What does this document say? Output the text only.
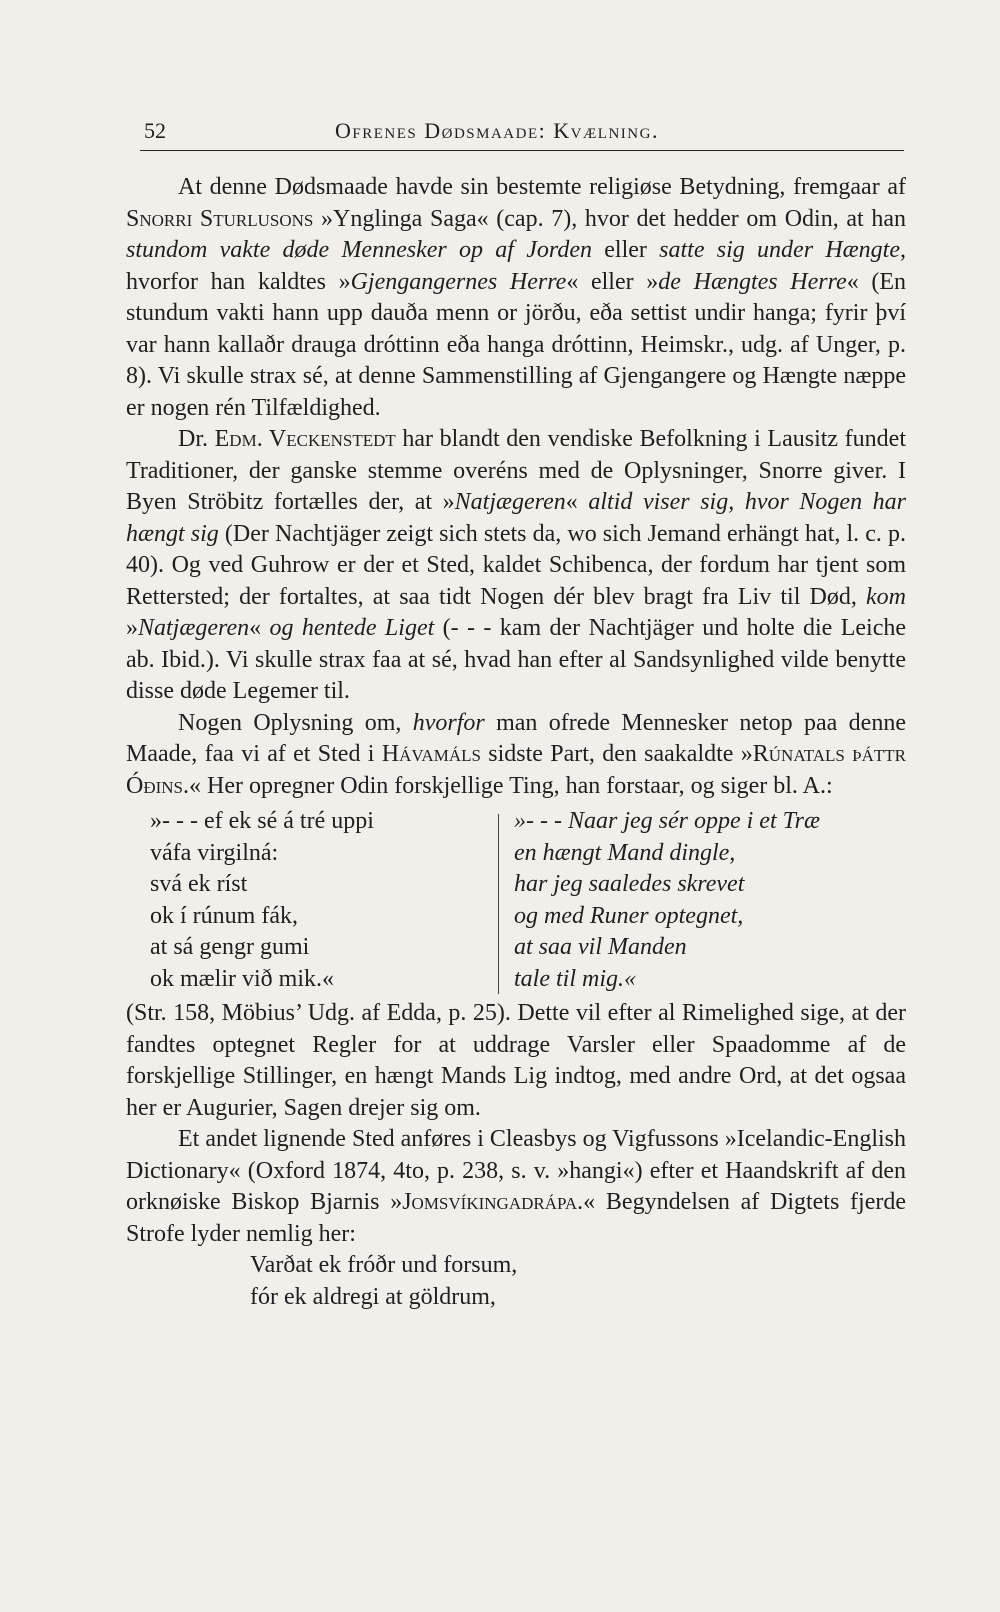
52	Ofrenes Dødsmaade: Kvælning.

At denne Dødsmaade havde sin bestemte religiøse Betydning, fremgaar af Snorri Sturlusons »Ynglinga Saga« (cap. 7), hvor det hedder om Odin, at han stundom vakte døde Mennesker op af Jorden eller satte sig under Hængte, hvorfor han kaldtes »Gjengangernes Herre« eller »de Hængtes Herre« (En stundum vakti hann upp dauða menn or jörðu, eða settist undir hanga; fyrir því var hann kallaðr drauga dróttinn eða hanga dróttinn, Heimskr., udg. af Unger, p. 8). Vi skulle strax sé, at denne Sammenstilling af Gjengangere og Hængte næppe er nogen rén Tilfældighed.

Dr. Edm. Veckenstedt har blandt den vendiske Befolkning i Lausitz fundet Traditioner, der ganske stemme overéns med de Oplysninger, Snorre giver. I Byen Ströbitz fortælles der, at »Natjægeren« altid viser sig, hvor Nogen har hængt sig (Der Nachtjäger zeigt sich stets da, wo sich Jemand erhängt hat, l. c. p. 40). Og ved Guhrow er der et Sted, kaldet Schibenca, der fordum har tjent som Rettersted; der fortaltes, at saa tidt Nogen dér blev bragt fra Liv til Død, kom »Natjægeren« og hentede Liget (- - - kam der Nachtjäger und holte die Leiche ab. Ibid.). Vi skulle strax faa at sé, hvad han efter al Sandsynlighed vilde benytte disse døde Legemer til.

Nogen Oplysning om, hvorfor man ofrede Mennesker netop paa denne Maade, faa vi af et Sted i Hávamáls sidste Part, den saakaldte »Rúnatals þáttr Óðins.« Her opregner Odin forskjellige Ting, han forstaar, og siger bl. A.:

»- - - ef ek sé á tré uppi
váfa virgilná:
svá ek ríst
ok í rúnum fák,
at sá gengr gumi
ok mælir við mik.«
»- - - Naar jeg sér oppe i et Træ
en hængt Mand dingle,
har jeg saaledes skrevet
og med Runer optegnet,
at saa vil Manden
tale til mig.«

(Str. 158, Möbius’ Udg. af Edda, p. 25). Dette vil efter al Rimelighed sige, at der fandtes optegnet Regler for at uddrage Varsler eller Spaadomme af de forskjellige Stillinger, en hængt Mands Lig indtog, med andre Ord, at det ogsaa her er Augurier, Sagen drejer sig om.

Et andet lignende Sted anføres i Cleasbys og Vigfussons »Icelandic-English Dictionary« (Oxford 1874, 4to, p. 238, s. v. »hangi«) efter et Haandskrift af den orknøiske Biskop Bjarnis »Jomsvíkingadrápa.« Begyndelsen af Digtets fjerde Strofe lyder nemlig her:

Varðat ek fróðr und forsum,
fór ek aldregi at göldrum,
